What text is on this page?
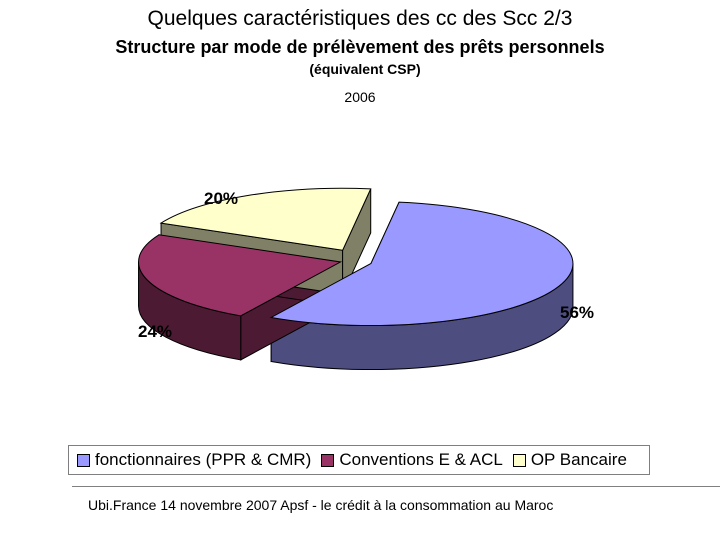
Quelques caractéristiques des cc des Scc 2/3
Structure par mode de prélèvement des prêts personnels
(équivalent CSP)
2006
56%
24%
20%
fonctionnaires (PPR & CMR) Conventions E & ACL OP Bancaire
Ubi.France 14 novembre 2007 Apsf - le crédit à la consommation au Maroc
